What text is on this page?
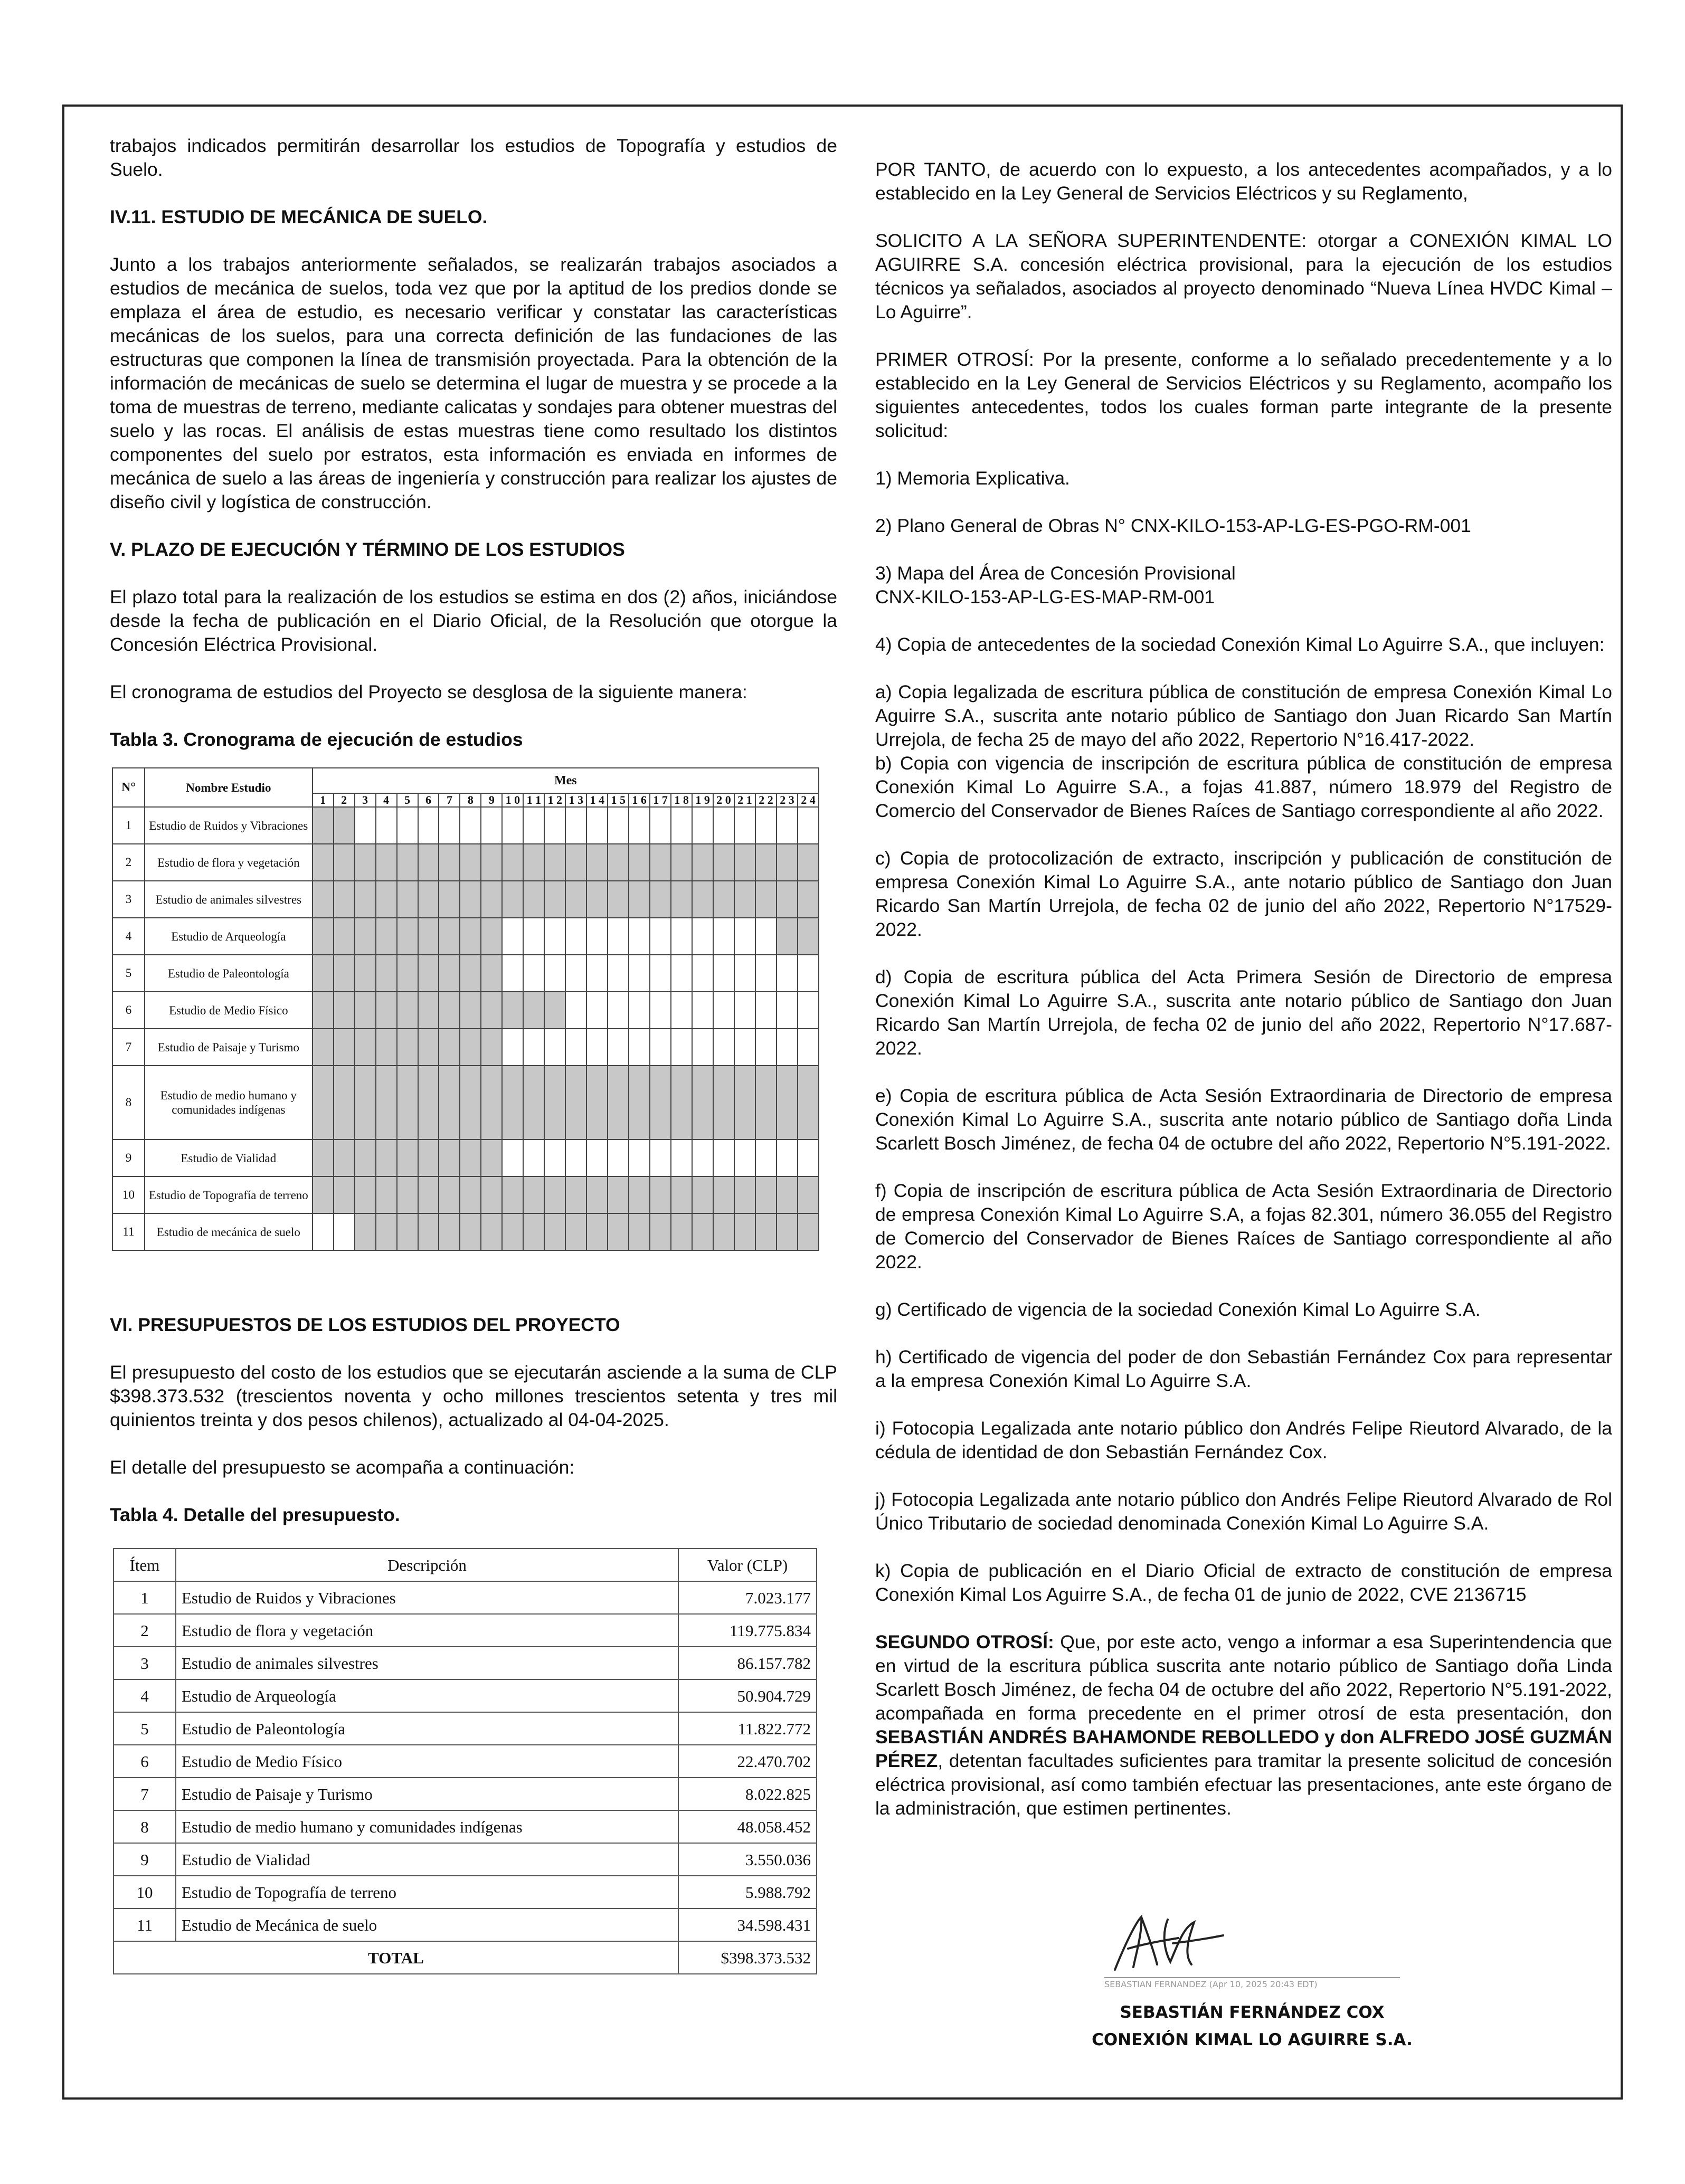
trabajos indicados permitirán desarrollar los estudios de Topografía y estudios de Suelo.

IV.11. ESTUDIO DE MECÁNICA DE SUELO.

Junto a los trabajos anteriormente señalados, se realizarán trabajos asociados a estudios de mecánica de suelos, toda vez que por la aptitud de los predios donde se emplaza el área de estudio, es necesario verificar y constatar las características mecánicas de los suelos, para una correcta definición de las fundaciones de las estructuras que componen la línea de transmisión proyectada. Para la obtención de la información de mecánicas de suelo se determina el lugar de muestra y se procede a la toma de muestras de terreno, mediante calicatas y sondajes para obtener muestras del suelo y las rocas. El análisis de estas muestras tiene como resultado los distintos componentes del suelo por estratos, esta información es enviada en informes de mecánica de suelo a las áreas de ingeniería y construcción para realizar los ajustes de diseño civil y logística de construcción.

V. PLAZO DE EJECUCIÓN Y TÉRMINO DE LOS ESTUDIOS

El plazo total para la realización de los estudios se estima en dos (2) años, iniciándose desde la fecha de publicación en el Diario Oficial, de la Resolución que otorgue la Concesión Eléctrica Provisional.

El cronograma de estudios del Proyecto se desglosa de la siguiente manera:

Tabla 3. Cronograma de ejecución de estudios
N°	Nombre Estudio	Mes																							
		1	2	3	4	5	6	7	8	9	1 0	1 1	1 2	1 3	1 4	1 5	1 6	1 7	1 8	1 9	2 0	2 1	2 2	2 3	2 4
1	Estudio de Ruidos y Vibraciones																								
2	Estudio de flora y vegetación																								
3	Estudio de animales silvestres																								
4	Estudio de Arqueología																								
5	Estudio de Paleontología																								
6	Estudio de Medio Físico																								
7	Estudio de Paisaje y Turismo																								
8	Estudio de medio humano y comunidades indígenas																								
9	Estudio de Vialidad																								
10	Estudio de Topografía de terreno																								
11	Estudio de mecánica de suelo																								
VI. PRESUPUESTOS DE LOS ESTUDIOS DEL PROYECTO

El presupuesto del costo de los estudios que se ejecutarán asciende a la suma de CLP $398.373.532 (trescientos noventa y ocho millones trescientos setenta y tres mil quinientos treinta y dos pesos chilenos), actualizado al 04-04-2025.

El detalle del presupuesto se acompaña a continuación:

Tabla 4. Detalle del presupuesto.
Ítem	Descripción	Valor (CLP)
1	Estudio de Ruidos y Vibraciones	7.023.177
2	Estudio de flora y vegetación	119.775.834
3	Estudio de animales silvestres	86.157.782
4	Estudio de Arqueología	50.904.729
5	Estudio de Paleontología	11.822.772
6	Estudio de Medio Físico	22.470.702
7	Estudio de Paisaje y Turismo	8.022.825
8	Estudio de medio humano y comunidades indígenas	48.058.452
9	Estudio de Vialidad	3.550.036
10	Estudio de Topografía de terreno	5.988.792
11	Estudio de Mecánica de suelo	34.598.431
TOTAL		$398.373.532

POR TANTO, de acuerdo con lo expuesto, a los antecedentes acompañados, y a lo establecido en la Ley General de Servicios Eléctricos y su Reglamento,

SOLICITO A LA SEÑORA SUPERINTENDENTE: otorgar a CONEXIÓN KIMAL LO AGUIRRE S.A. concesión eléctrica provisional, para la ejecución de los estudios técnicos ya señalados, asociados al proyecto denominado “Nueva Línea HVDC Kimal – Lo Aguirre”.

PRIMER OTROSÍ: Por la presente, conforme a lo señalado precedentemente y a lo establecido en la Ley General de Servicios Eléctricos y su Reglamento, acompaño los siguientes antecedentes, todos los cuales forman parte integrante de la presente solicitud:

1) Memoria Explicativa.

2) Plano General de Obras N° CNX-KILO-153-AP-LG-ES-PGO-RM-001

3) Mapa del Área de Concesión Provisional
CNX-KILO-153-AP-LG-ES-MAP-RM-001

4) Copia de antecedentes de la sociedad Conexión Kimal Lo Aguirre S.A., que incluyen:

a) Copia legalizada de escritura pública de constitución de empresa Conexión Kimal Lo Aguirre S.A., suscrita ante notario público de Santiago don Juan Ricardo San Martín Urrejola, de fecha 25 de mayo del año 2022, Repertorio N°16.417-2022.

b) Copia con vigencia de inscripción de escritura pública de constitución de empresa Conexión Kimal Lo Aguirre S.A., a fojas 41.887, número 18.979 del Registro de Comercio del Conservador de Bienes Raíces de Santiago correspondiente al año 2022.

c) Copia de protocolización de extracto, inscripción y publicación de constitución de empresa Conexión Kimal Lo Aguirre S.A., ante notario público de Santiago don Juan Ricardo San Martín Urrejola, de fecha 02 de junio del año 2022, Repertorio N°17529-2022.

d) Copia de escritura pública del Acta Primera Sesión de Directorio de empresa Conexión Kimal Lo Aguirre S.A., suscrita ante notario público de Santiago don Juan Ricardo San Martín Urrejola, de fecha 02 de junio del año 2022, Repertorio N°17.687-2022.

e) Copia de escritura pública de Acta Sesión Extraordinaria de Directorio de empresa Conexión Kimal Lo Aguirre S.A., suscrita ante notario público de Santiago doña Linda Scarlett Bosch Jiménez, de fecha 04 de octubre del año 2022, Repertorio N°5.191-2022.

f) Copia de inscripción de escritura pública de Acta Sesión Extraordinaria de Directorio de empresa Conexión Kimal Lo Aguirre S.A, a fojas 82.301, número 36.055 del Registro de Comercio del Conservador de Bienes Raíces de Santiago correspondiente al año 2022.

g) Certificado de vigencia de la sociedad Conexión Kimal Lo Aguirre S.A.

h) Certificado de vigencia del poder de don Sebastián Fernández Cox para representar a la empresa Conexión Kimal Lo Aguirre S.A.

i) Fotocopia Legalizada ante notario público don Andrés Felipe Rieutord Alvarado, de la cédula de identidad de don Sebastián Fernández Cox.

j) Fotocopia Legalizada ante notario público don Andrés Felipe Rieutord Alvarado de Rol Único Tributario de sociedad denominada Conexión Kimal Lo Aguirre S.A.

k) Copia de publicación en el Diario Oficial de extracto de constitución de empresa Conexión Kimal Los Aguirre S.A., de fecha 01 de junio de 2022, CVE 2136715

SEGUNDO OTROSÍ: Que, por este acto, vengo a informar a esa Superintendencia que en virtud de la escritura pública suscrita ante notario público de Santiago doña Linda Scarlett Bosch Jiménez, de fecha 04 de octubre del año 2022, Repertorio N°5.191-2022, acompañada en forma precedente en el primer otrosí de esta presentación, don SEBASTIÁN ANDRÉS BAHAMONDE REBOLLEDO y don ALFREDO JOSÉ GUZMÁN PÉREZ, detentan facultades suficientes para tramitar la presente solicitud de concesión eléctrica provisional, así como también efectuar las presentaciones, ante este órgano de la administración, que estimen pertinentes.

SEBASTIAN FERNANDEZ (Apr 10, 2025 20:43 EDT)
SEBASTIÁN FERNÁNDEZ COX
CONEXIÓN KIMAL LO AGUIRRE S.A.
